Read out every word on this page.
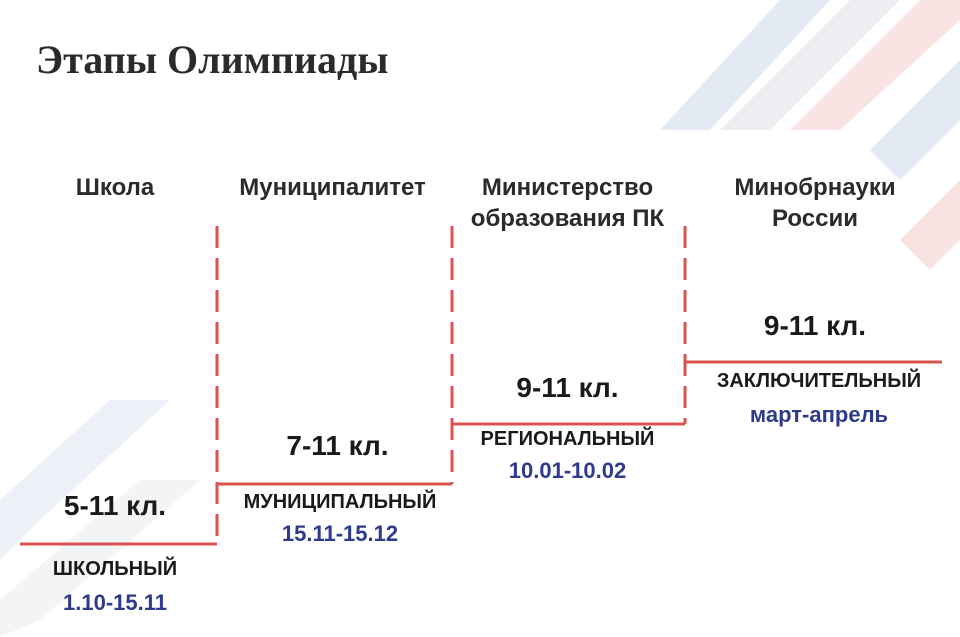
Этапы Олимпиады
Школа	Муниципалитет	Министерство
образования ПК
Минобрнауки
России
5-11 кл.
7-11 кл.
9-11 кл.
9-11 кл.
ШКОЛЬНЫЙ
МУНИЦИПАЛЬНЫЙ
РЕГИОНАЛЬНЫЙ
ЗАКЛЮЧИТЕЛЬНЫЙ
1.10-15.11
15.11-15.12
10.01-10.02
март-апрель
